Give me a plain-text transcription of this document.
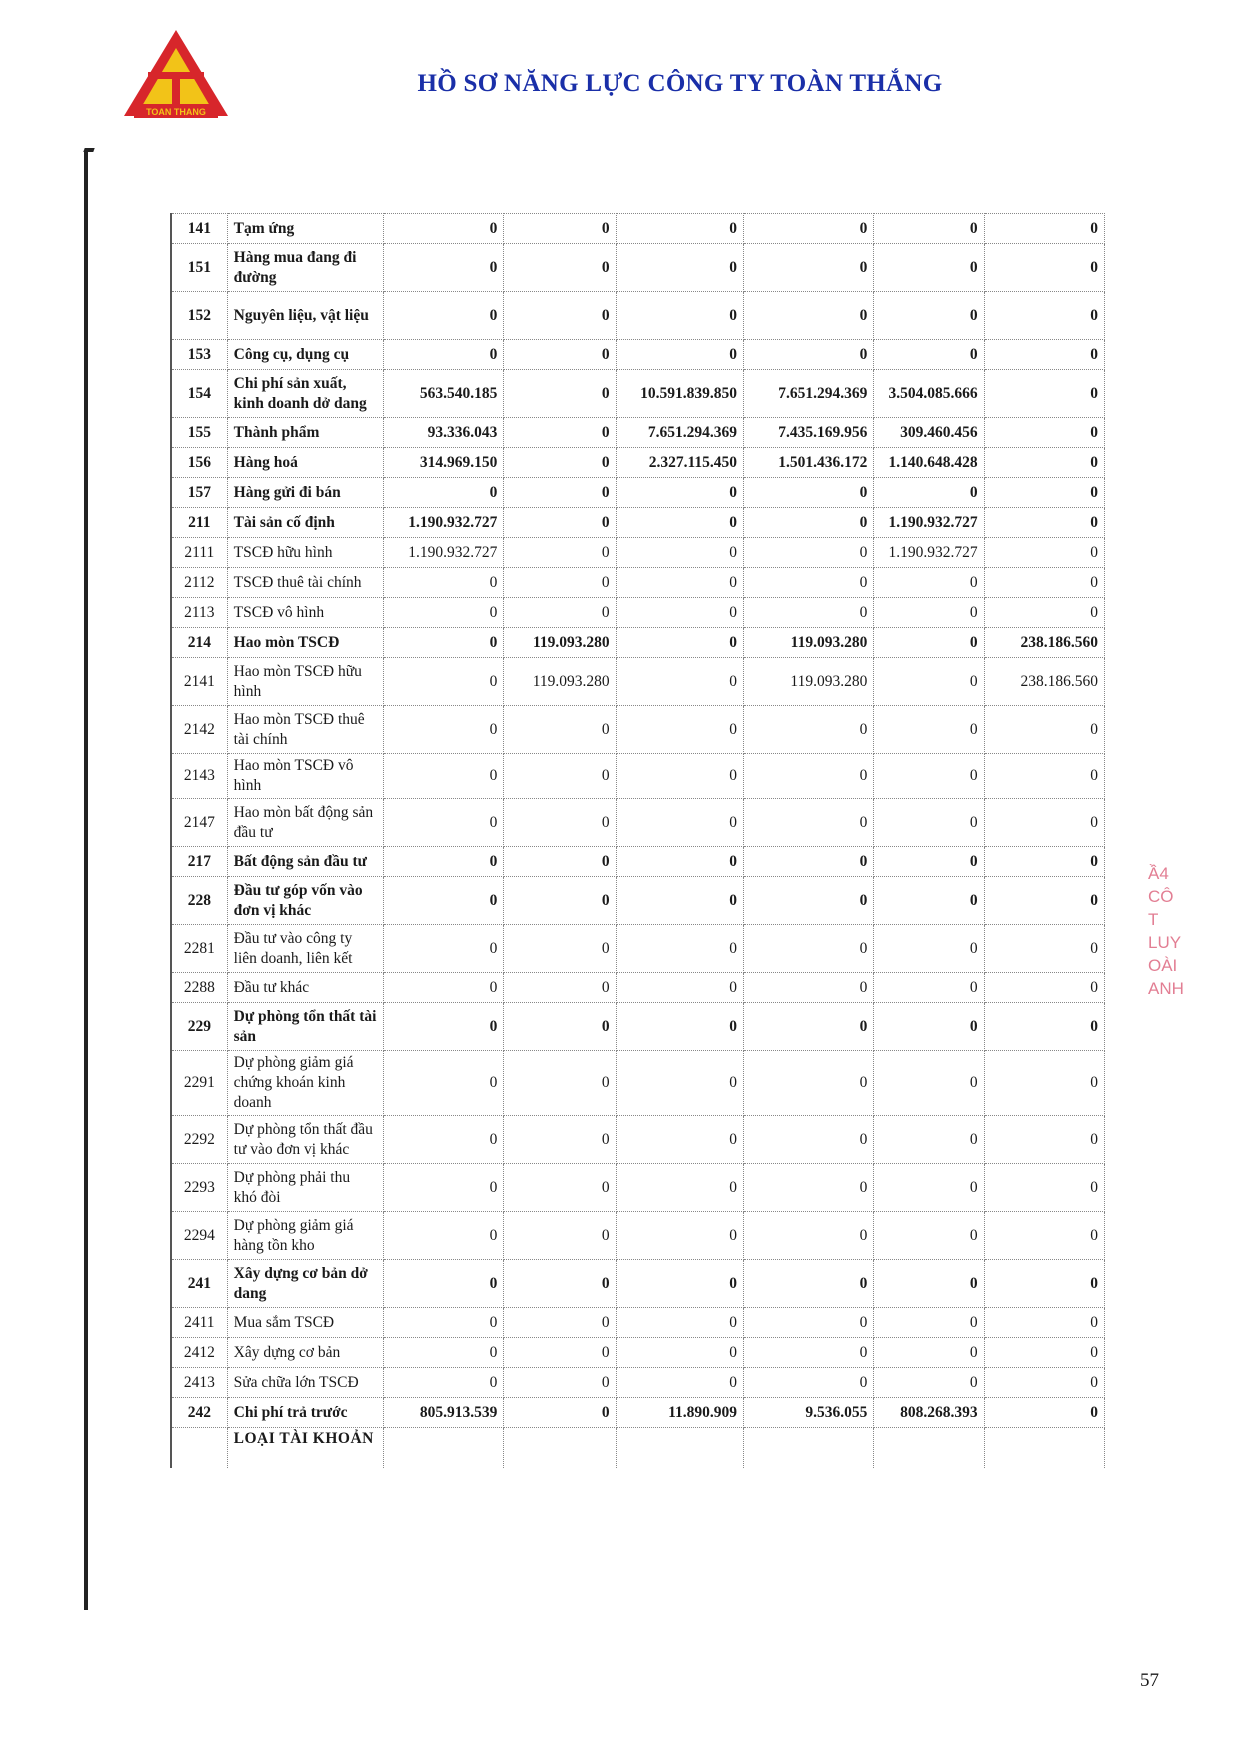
TOAN THANG
HỒ SƠ NĂNG LỰC CÔNG TY TOÀN THẮNG
Ầ4
CÔ
T
LUY
OÀI
ANH
141	Tạm ứng	0	0	0	0	0	0
151	Hàng mua đang đi đường	0	0	0	0	0	0
152	Nguyên liệu, vật liệu	0	0	0	0	0	0
153	Công cụ, dụng cụ	0	0	0	0	0	0
154	Chi phí sản xuất, kinh doanh dở dang	563.540.185	0	10.591.839.850	7.651.294.369	3.504.085.666	0
155	Thành phẩm	93.336.043	0	7.651.294.369	7.435.169.956	309.460.456	0
156	Hàng hoá	314.969.150	0	2.327.115.450	1.501.436.172	1.140.648.428	0
157	Hàng gửi đi bán	0	0	0	0	0	0
211	Tài sản cố định	1.190.932.727	0	0	0	1.190.932.727	0
2111	TSCĐ hữu hình	1.190.932.727	0	0	0	1.190.932.727	0
2112	TSCĐ thuê tài chính	0	0	0	0	0	0
2113	TSCĐ vô hình	0	0	0	0	0	0
214	Hao mòn TSCĐ	0	119.093.280	0	119.093.280	0	238.186.560
2141	Hao mòn TSCĐ hữu hình	0	119.093.280	0	119.093.280	0	238.186.560
2142	Hao mòn TSCĐ thuê tài chính	0	0	0	0	0	0
2143	Hao mòn TSCĐ vô hình	0	0	0	0	0	0
2147	Hao mòn bất động sản đầu tư	0	0	0	0	0	0
217	Bất động sản đầu tư	0	0	0	0	0	0
228	Đầu tư góp vốn vào đơn vị khác	0	0	0	0	0	0
2281	Đầu tư vào công ty liên doanh, liên kết	0	0	0	0	0	0
2288	Đầu tư khác	0	0	0	0	0	0
229	Dự phòng tổn thất tài sản	0	0	0	0	0	0
2291	Dự phòng giảm giá chứng khoán kinh doanh	0	0	0	0	0	0
2292	Dự phòng tổn thất đầu tư vào đơn vị khác	0	0	0	0	0	0
2293	Dự phòng phải thu khó đòi	0	0	0	0	0	0
2294	Dự phòng giảm giá hàng tồn kho	0	0	0	0	0	0
241	Xây dựng cơ bản dở dang	0	0	0	0	0	0
2411	Mua sắm TSCĐ	0	0	0	0	0	0
2412	Xây dựng cơ bản	0	0	0	0	0	0
2413	Sửa chữa lớn TSCĐ	0	0	0	0	0	0
242	Chi phí trả trước	805.913.539	0	11.890.909	9.536.055	808.268.393	0
	LOẠI TÀI KHOẢN						
57
